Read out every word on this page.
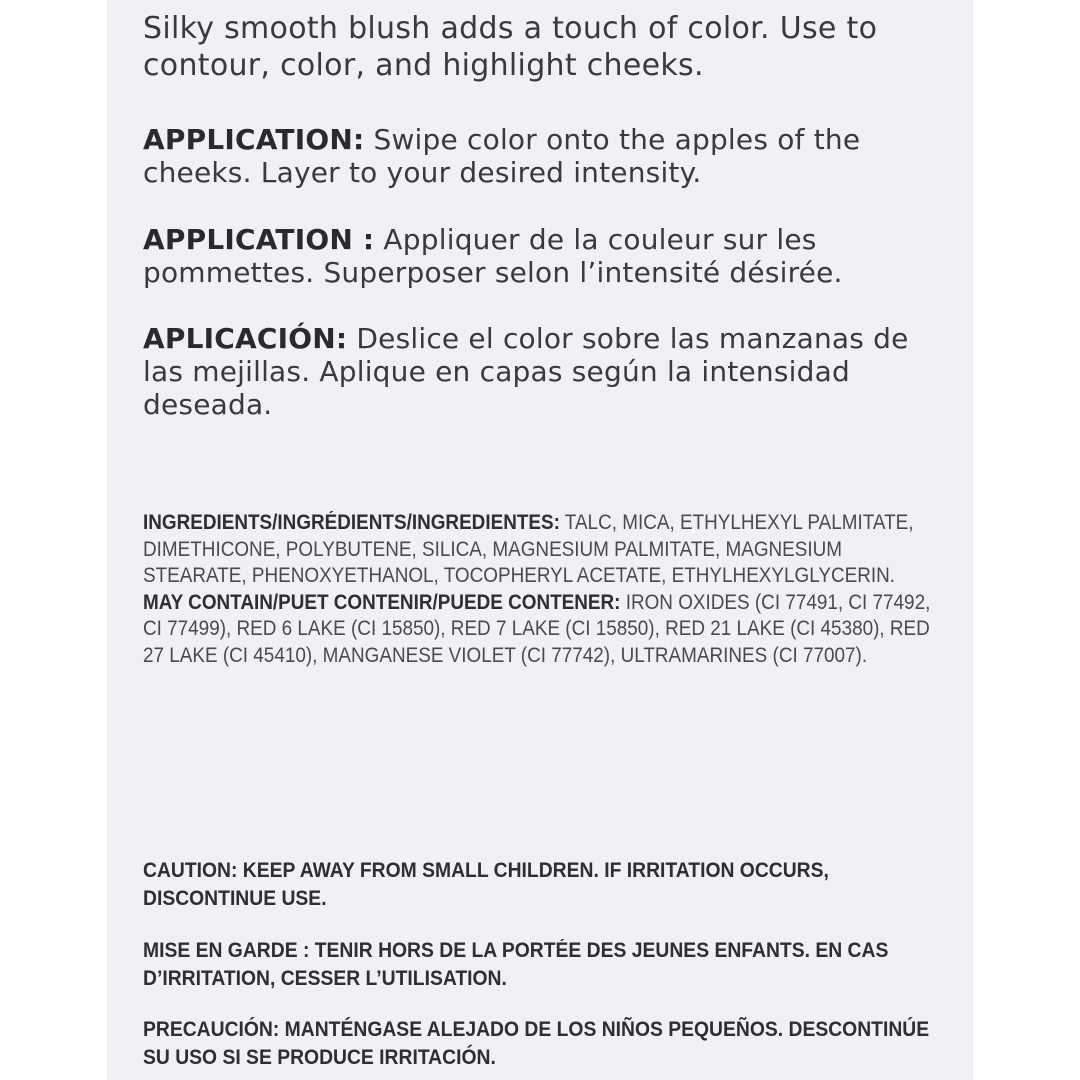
Silky smooth blush adds a touch of color. Use to contour, color, and highlight cheeks.

APPLICATION: Swipe color onto the apples of the cheeks. Layer to your desired intensity.

APPLICATION : Appliquer de la couleur sur les pommettes. Superposer selon l’intensité désirée.

APLICACIÓN: Deslice el color sobre las manzanas de las mejillas. Aplique en capas según la intensidad deseada.

INGREDIENTS/INGRÉDIENTS/INGREDIENTES: TALC, MICA, ETHYLHEXYL PALMITATE, DIMETHICONE, POLYBUTENE, SILICA, MAGNESIUM PALMITATE, MAGNESIUM STEARATE, PHENOXYETHANOL, TOCOPHERYL ACETATE, ETHYLHEXYLGLYCERIN. MAY CONTAIN/PUET CONTENIR/PUEDE CONTENER: IRON OXIDES (CI 77491, CI 77492, CI 77499), RED 6 LAKE (CI 15850), RED 7 LAKE (CI 15850), RED 21 LAKE (CI 45380), RED 27 LAKE (CI 45410), MANGANESE VIOLET (CI 77742), ULTRAMARINES (CI 77007).

CAUTION: KEEP AWAY FROM SMALL CHILDREN. IF IRRITATION OCCURS, DISCONTINUE USE.

MISE EN GARDE : TENIR HORS DE LA PORTÉE DES JEUNES ENFANTS. EN CAS D’IRRITATION, CESSER L’UTILISATION.

PRECAUCIÓN: MANTÉNGASE ALEJADO DE LOS NIÑOS PEQUEÑOS. DESCONTINÚE SU USO SI SE PRODUCE IRRITACIÓN.
